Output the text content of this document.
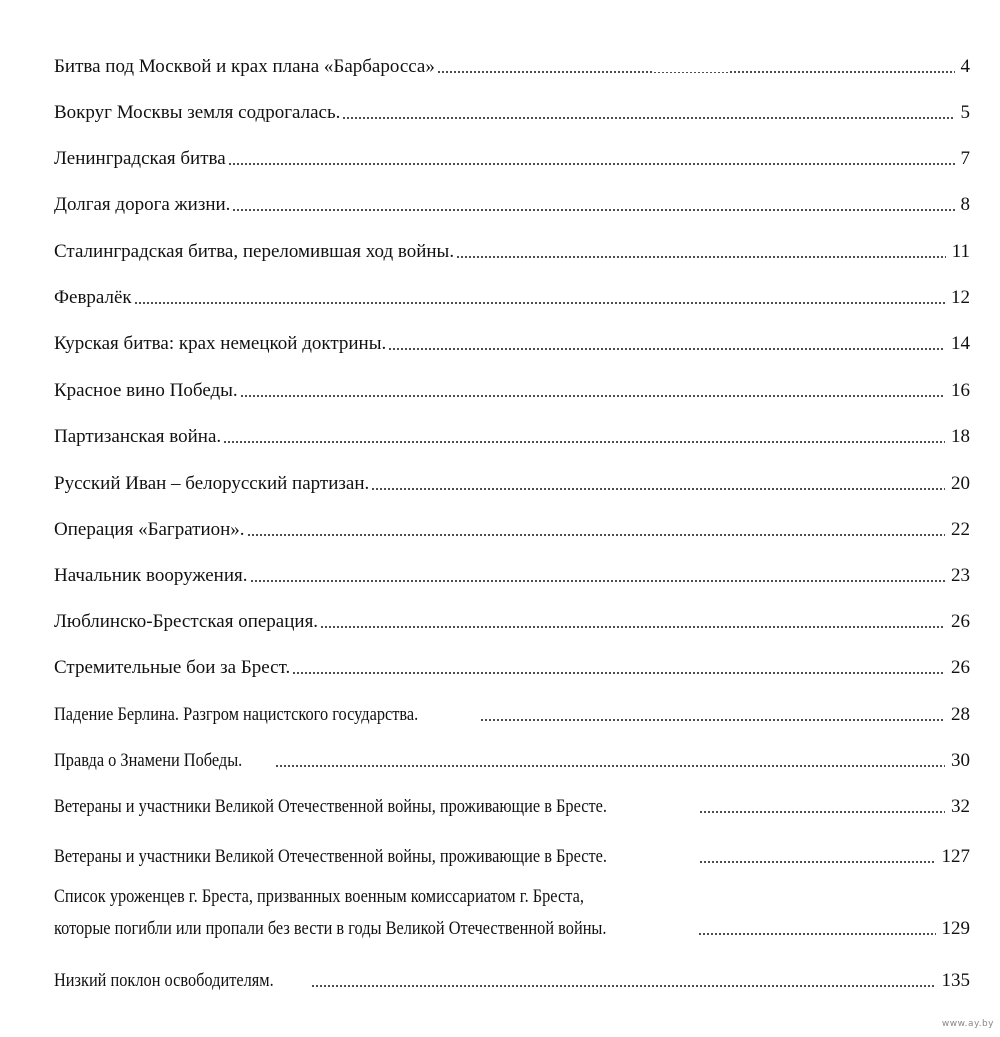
Битва под Москвой и крах плана «Барбаросса»	4
Вокруг Москвы земля содрогалась.	5
Ленинградская битва	7
Долгая дорога жизни.	8
Сталинградская битва, переломившая ход войны.	11
Февралёк	12
Курская битва: крах немецкой доктрины.	14
Красное вино Победы.	16
Партизанская война.	18
Русский Иван – белорусский партизан.	20
Операция «Багратион».	22
Начальник вооружения.	23
Люблинско-Брестская операция.	26
Стремительные бои за Брест.	26
Падение Берлина. Разгром нацистского государства.	28
Правда о Знамени Победы.	30
Ветераны и участники Великой Отечественной войны, проживающие в Бресте.	32
Ветераны и участники Великой Отечественной войны, проживающие в Бресте.	127
Список уроженцев г. Бреста, призванных военным комиссариатом г. Бреста,
которые погибли или пропали без вести в годы Великой Отечественной войны.	129
Низкий поклон освободителям.	135
www.ay.by
